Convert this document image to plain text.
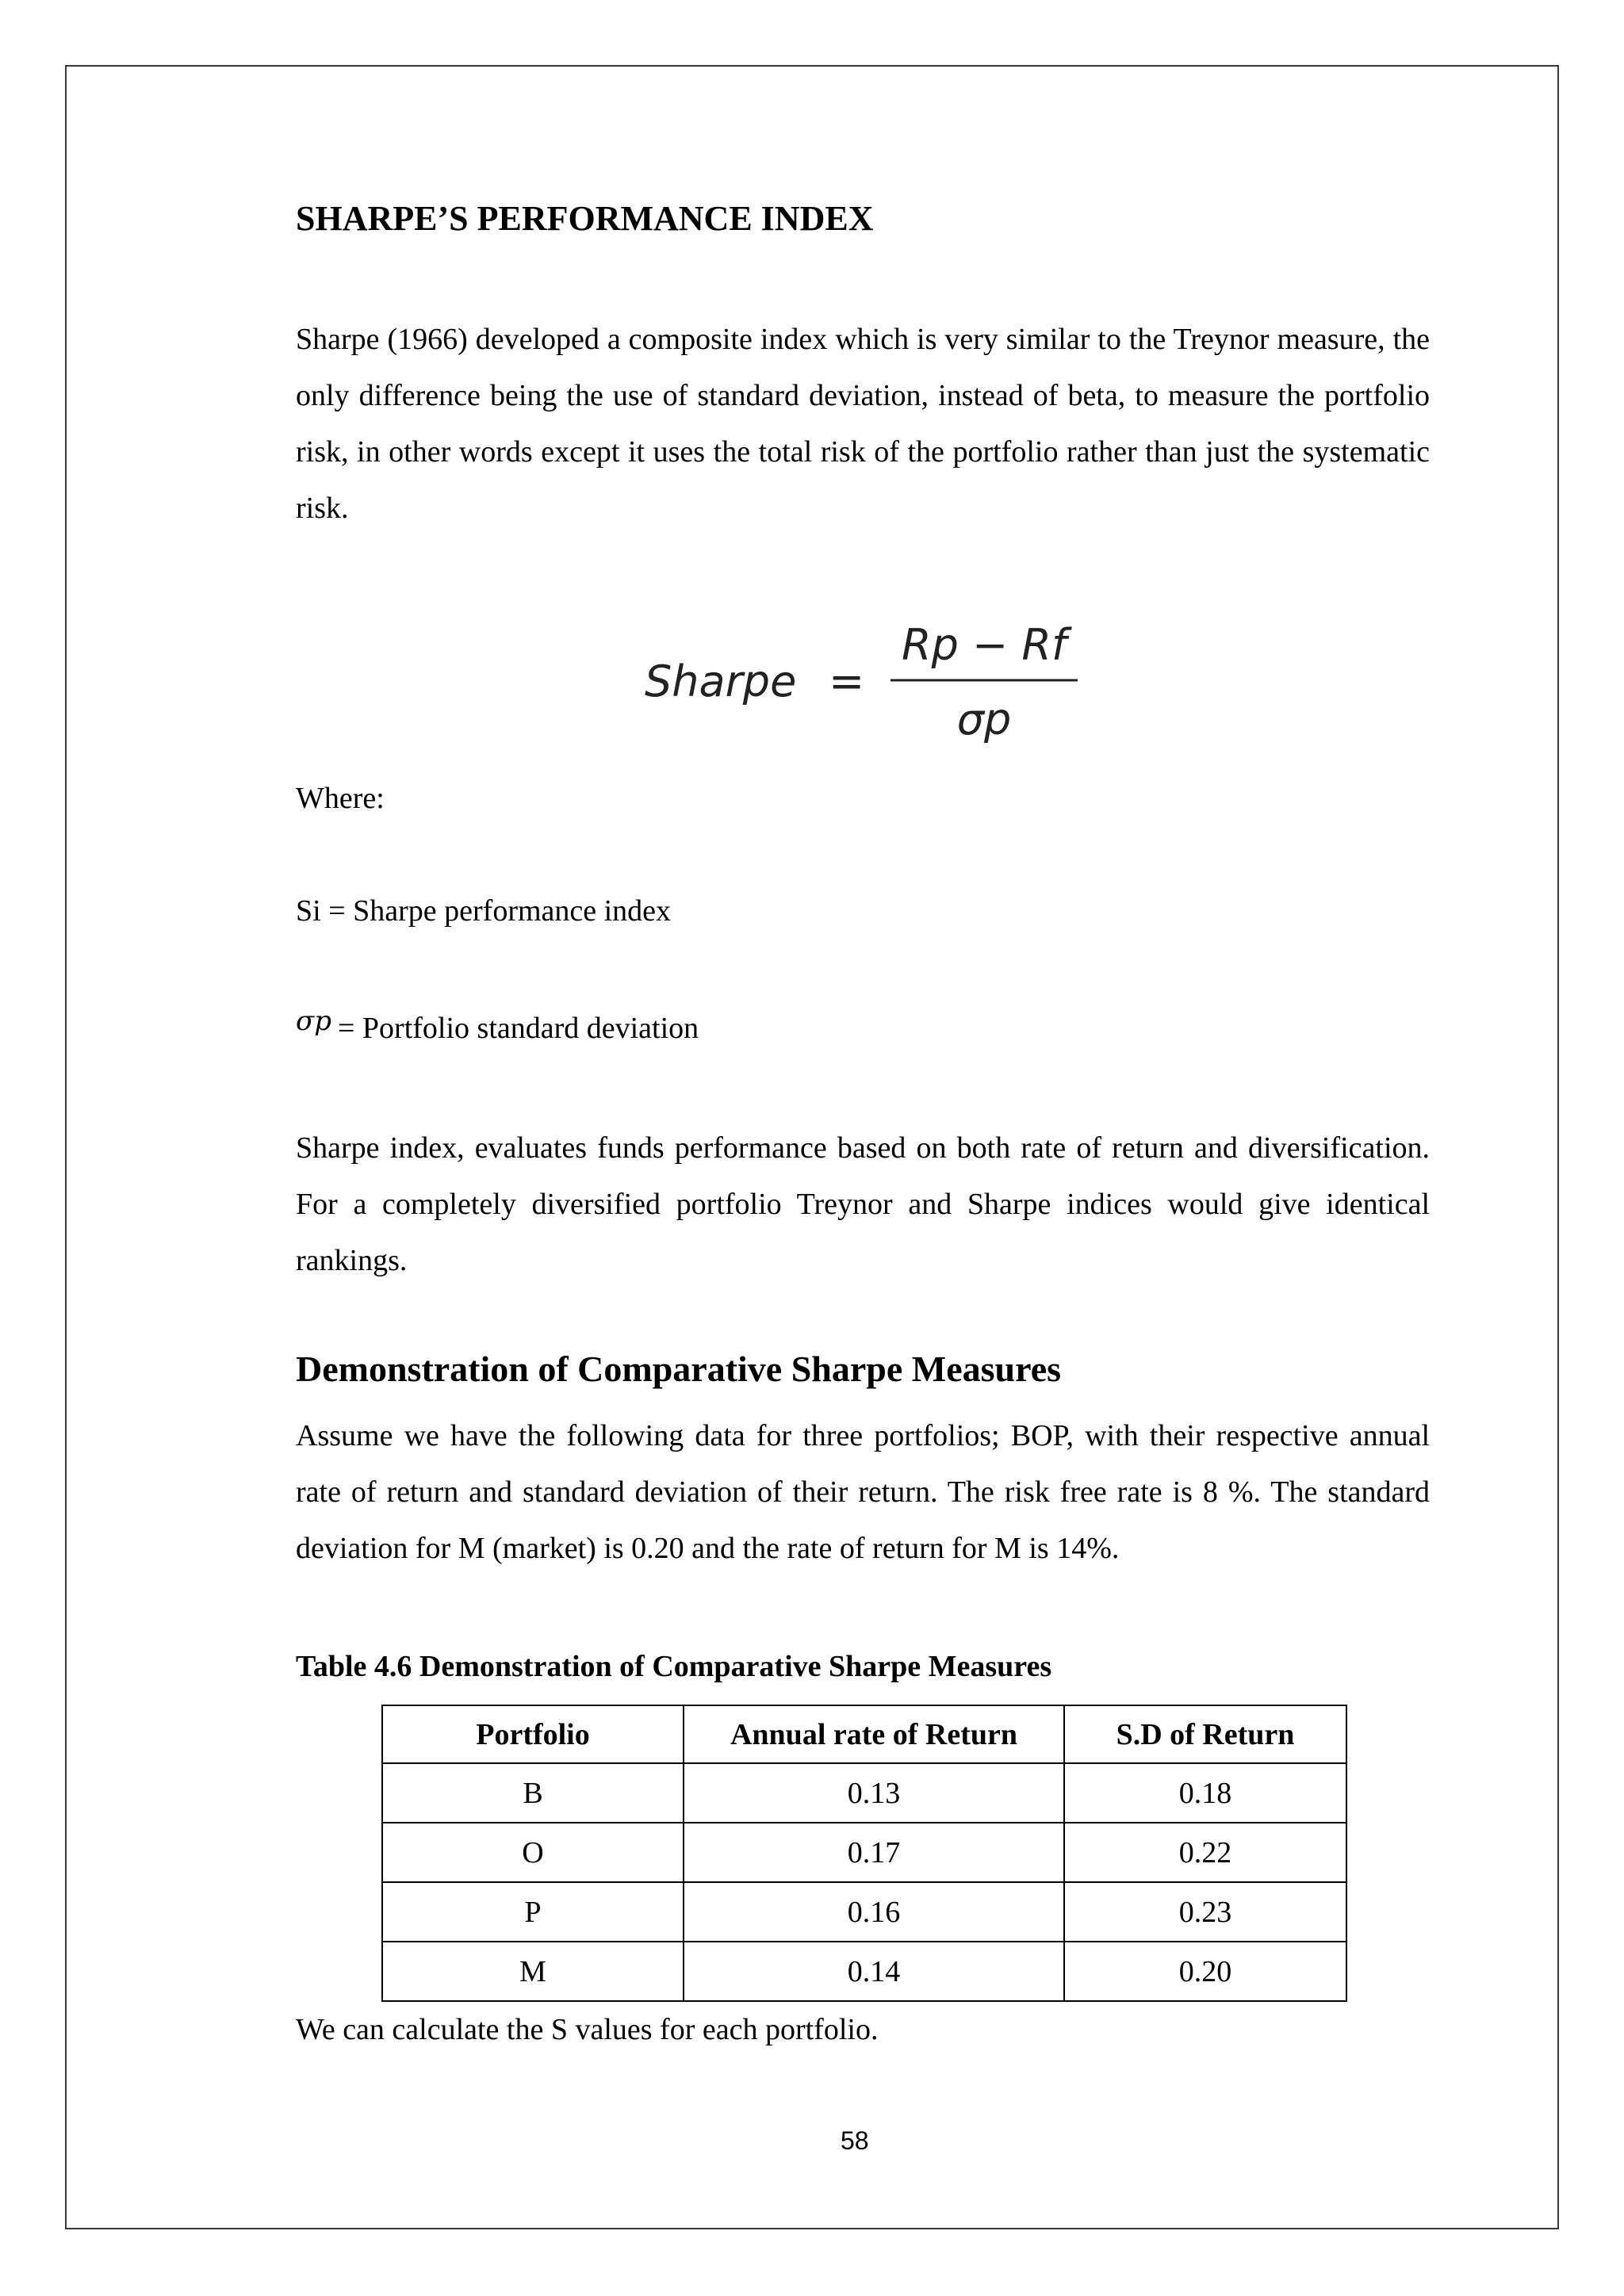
SHARPE’S PERFORMANCE INDEX

Sharpe (1966) developed a composite index which is very similar to the Treynor measure, the only difference being the use of standard deviation, instead of beta, to measure the portfolio risk, in other words except it uses the total risk of the portfolio rather than just the systematic risk.

Sharpe =
Rp − Rf
σp

Where:

Si = Sharpe performance index

σp = Portfolio standard deviation

Sharpe index, evaluates funds performance based on both rate of return and diversification. For a completely diversified portfolio Treynor and Sharpe indices would give identical rankings.

Demonstration of Comparative Sharpe Measures

Assume we have the following data for three portfolios; BOP, with their respective annual rate of return and standard deviation of their return. The risk free rate is 8 %. The standard deviation for M (market) is 0.20 and the rate of return for M is 14%.

Table 4.6 Demonstration of Comparative Sharpe Measures

Portfolio	Annual rate of Return	S.D of Return
B	0.13	0.18
O	0.17	0.22
P	0.16	0.23
M	0.14	0.20

We can calculate the S values for each portfolio.

58
